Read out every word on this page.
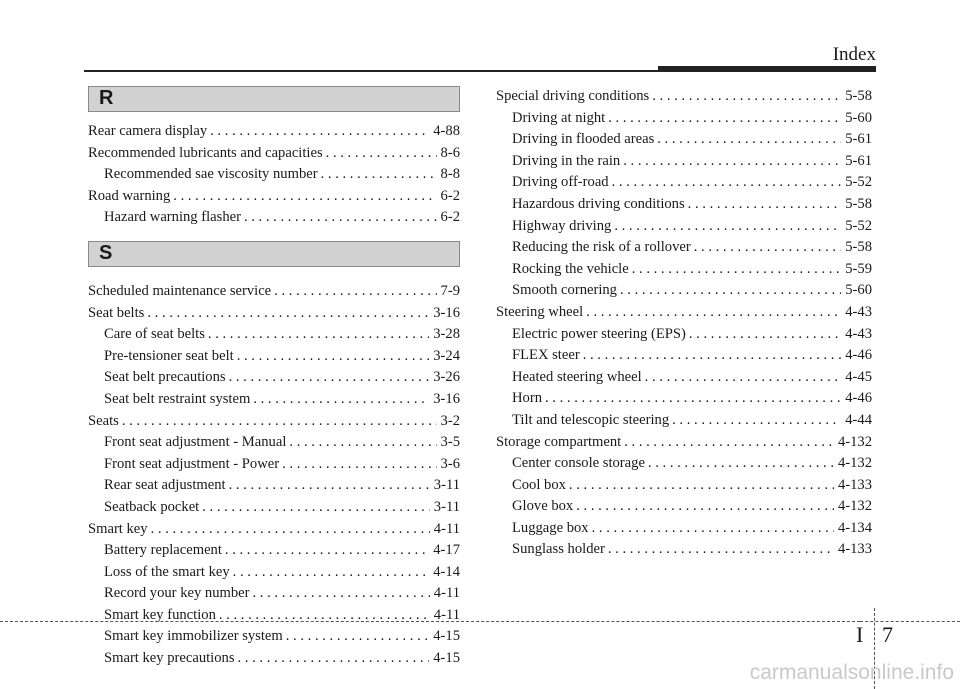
Index
R
Rear camera display . . .	4-88
Recommended lubricants and capacities . . .	8-6
Recommended sae viscosity number . . .	8-8
Road warning . . .	6-2
Hazard warning flasher . . .	6-2
S
Scheduled maintenance service . . .	7-9
Seat belts . . .	3-16
Care of seat belts . . .	3-28
Pre-tensioner seat belt . . .	3-24
Seat belt precautions . . .	3-26
Seat belt restraint system . . .	3-16
Seats . . .	3-2
Front seat adjustment - Manual . . .	3-5
Front seat adjustment - Power . . .	3-6
Rear seat adjustment . . .	3-11
Seatback pocket . . .	3-11
Smart key . . .	4-11
Battery replacement . . .	4-17
Loss of the smart key . . .	4-14
Record your key number . . .	4-11
Smart key function . . .	4-11
Smart key immobilizer system . . .	4-15
Smart key precautions . . .	4-15
Special driving conditions . . .	5-58
Driving at night . . .	5-60
Driving in flooded areas . . .	5-61
Driving in the rain . . .	5-61
Driving off-road . . .	5-52
Hazardous driving conditions . . .	5-58
Highway driving . . .	5-52
Reducing the risk of a rollover . . .	5-58
Rocking the vehicle . . .	5-59
Smooth cornering . . .	5-60
Steering wheel . . .	4-43
Electric power steering (EPS) . . .	4-43
FLEX steer . . .	4-46
Heated steering wheel . . .	4-45
Horn . . .	4-46
Tilt and telescopic steering . . .	4-44
Storage compartment . . .	4-132
Center console storage . . .	4-132
Cool box . . .	4-133
Glove box . . .	4-132
Luggage box . . .	4-134
Sunglass holder . . .	4-133
I 7
carmanualsonline.info
